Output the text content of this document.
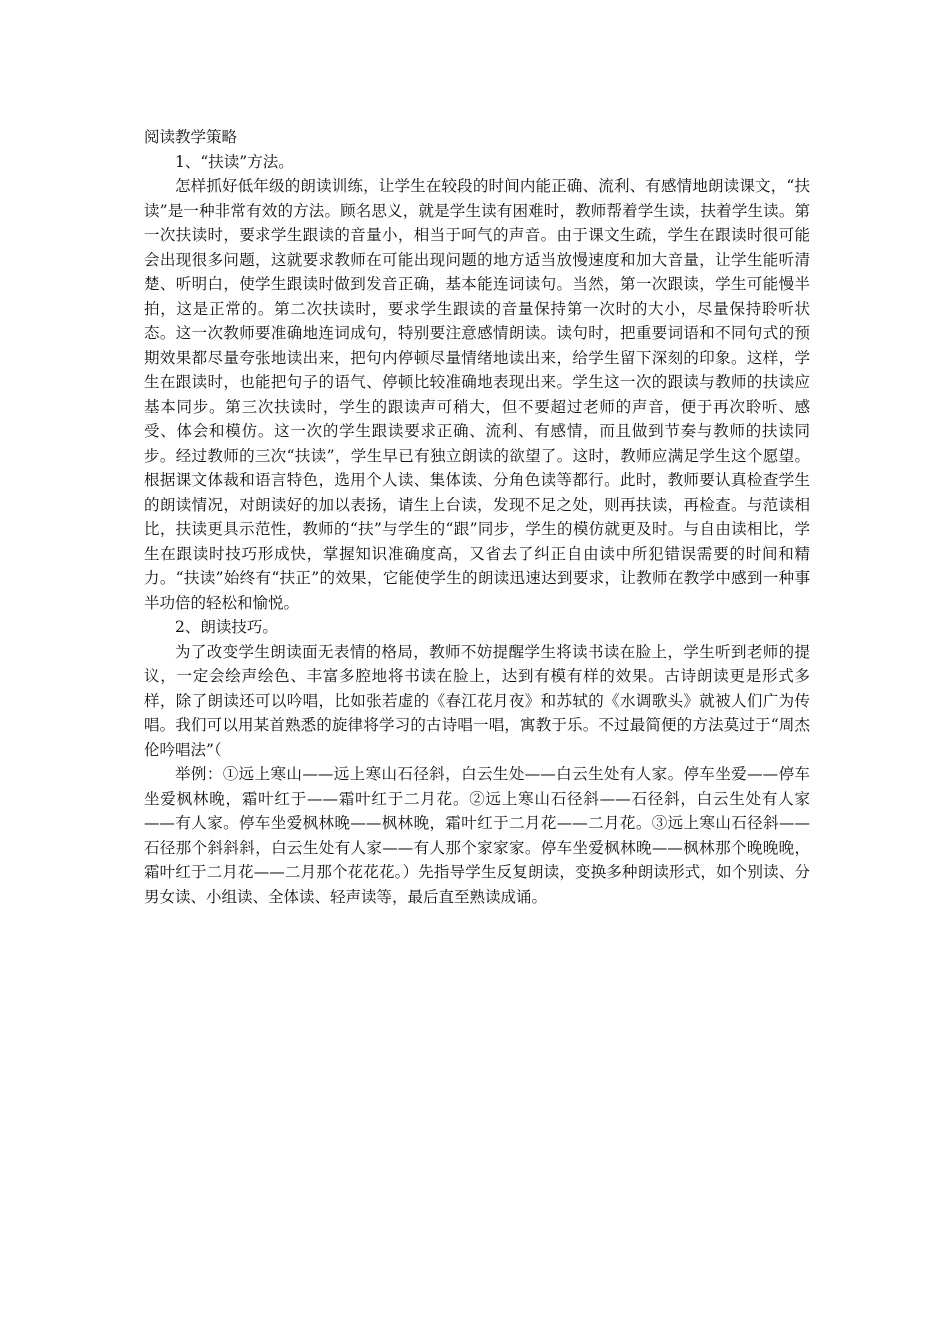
阅读教学策略

1、“扶读”方法。

怎样抓好低年级的朗读训练，让学生在较段的时间内能正确、流利、有感情地朗读课文，“扶读”是一种非常有效的方法。顾名思义，就是学生读有困难时，教师帮着学生读，扶着学生读。第一次扶读时，要求学生跟读的音量小，相当于呵气的声音。由于课文生疏，学生在跟读时很可能会出现很多问题，这就要求教师在可能出现问题的地方适当放慢速度和加大音量，让学生能听清楚、听明白，使学生跟读时做到发音正确，基本能连词读句。当然，第一次跟读，学生可能慢半拍，这是正常的。第二次扶读时，要求学生跟读的音量保持第一次时的大小，尽量保持聆听状态。这一次教师要准确地连词成句，特别要注意感情朗读。读句时，把重要词语和不同句式的预期效果都尽量夸张地读出来，把句内停顿尽量情绪地读出来，给学生留下深刻的印象。这样，学生在跟读时，也能把句子的语气、停顿比较准确地表现出来。学生这一次的跟读与教师的扶读应基本同步。第三次扶读时，学生的跟读声可稍大，但不要超过老师的声音，便于再次聆听、感受、体会和模仿。这一次的学生跟读要求正确、流利、有感情，而且做到节奏与教师的扶读同步。经过教师的三次“扶读”，学生早已有独立朗读的欲望了。这时，教师应满足学生这个愿望。根据课文体裁和语言特色，选用个人读、集体读、分角色读等都行。此时，教师要认真检查学生的朗读情况，对朗读好的加以表扬，请生上台读，发现不足之处，则再扶读，再检查。与范读相比，扶读更具示范性，教师的“扶”与学生的“跟”同步，学生的模仿就更及时。与自由读相比，学生在跟读时技巧形成快，掌握知识准确度高，又省去了纠正自由读中所犯错误需要的时间和精力。“扶读”始终有“扶正”的效果，它能使学生的朗读迅速达到要求，让教师在教学中感到一种事半功倍的轻松和愉悦。

2、朗读技巧。

为了改变学生朗读面无表情的格局，教师不妨提醒学生将读书读在脸上，学生听到老师的提议，一定会绘声绘色、丰富多腔地将书读在脸上，达到有模有样的效果。古诗朗读更是形式多样，除了朗读还可以吟唱，比如张若虚的《春江花月夜》和苏轼的《水调歌头》就被人们广为传唱。我们可以用某首熟悉的旋律将学习的古诗唱一唱，寓教于乐。不过最简便的方法莫过于“周杰伦吟唱法”（

举例：①远上寒山——远上寒山石径斜，白云生处——白云生处有人家。停车坐爱——停车坐爱枫林晚，霜叶红于——霜叶红于二月花。②远上寒山石径斜——石径斜，白云生处有人家——有人家。停车坐爱枫林晚——枫林晚，霜叶红于二月花——二月花。③远上寒山石径斜——石径那个斜斜斜，白云生处有人家——有人那个家家家。停车坐爱枫林晚——枫林那个晚晚晚，霜叶红于二月花——二月那个花花花。）先指导学生反复朗读，变换多种朗读形式，如个别读、分男女读、小组读、全体读、轻声读等，最后直至熟读成诵。
